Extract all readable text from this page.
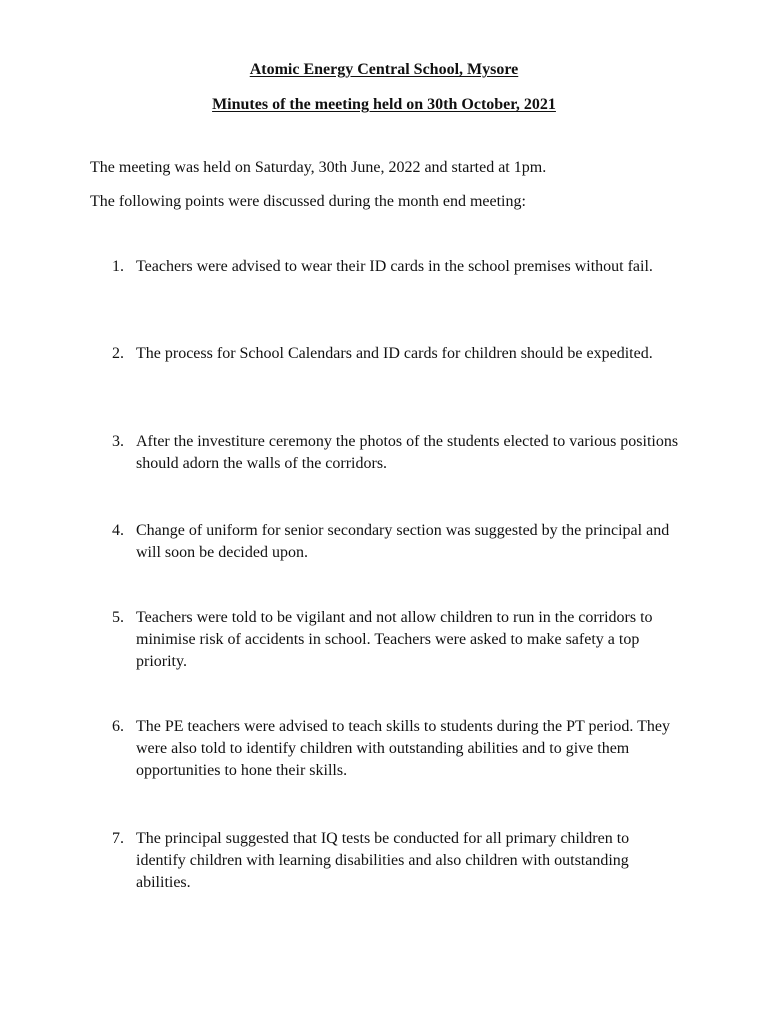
Atomic Energy Central School, Mysore
Minutes of the meeting held on 30th October, 2021
The meeting was held on Saturday, 30th June, 2022 and started at 1pm.
The following points were discussed during the month end meeting:
1. Teachers were advised to wear their ID cards in the school premises without fail.
2. The process for School Calendars and ID cards for children should be expedited.
3. After the investiture ceremony the photos of the students elected to various positions should adorn the walls of the corridors.
4. Change of uniform for senior secondary section was suggested by the principal and will soon be decided upon.
5. Teachers were told to be vigilant and not allow children to run in the corridors to minimise risk of accidents in school. Teachers were asked to make safety a top priority.
6. The PE teachers were advised to teach skills to students during the PT period. They were also told to identify children with outstanding abilities and to give them opportunities to hone their skills.
7. The principal suggested that IQ tests be conducted for all primary children to identify children with learning disabilities and also children with outstanding abilities.
